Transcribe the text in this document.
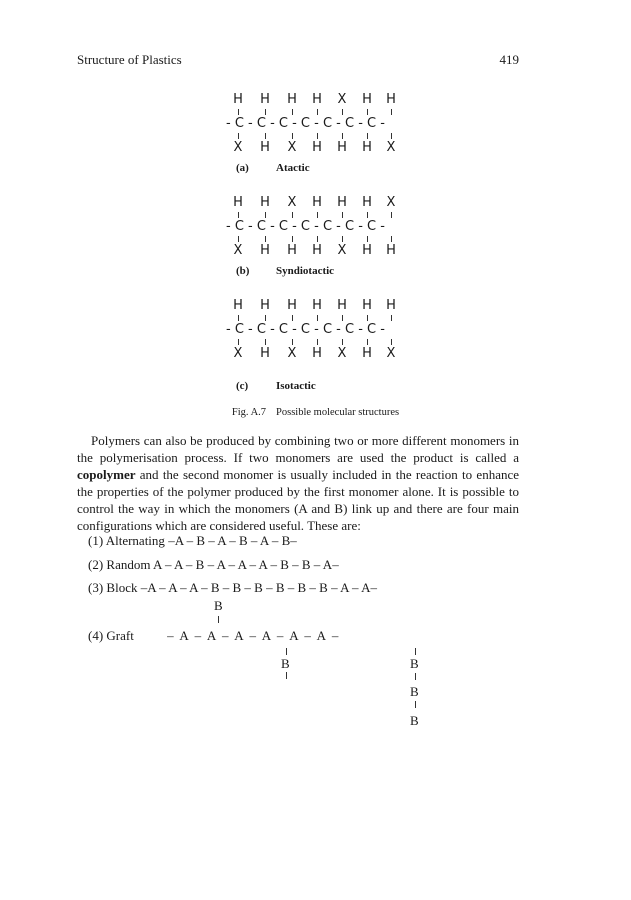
Structure of Plastics	419
H H H H X H H
- C - C - C - C - C - C - C -
X H X H H H X
(a) Atactic
H H X H H H X
- C - C - C - C - C - C - C -
X H H H X H H
(b) Syndiotactic
H H H H H H H
- C - C - C - C - C - C - C -
X H X H X H X
(c)	Isotactic
Fig. A.7 Possible molecular structures

Polymers can also be produced by combining two or more different monomers in the polymerisation process. If two monomers are used the product is called a copolymer and the second monomer is usually included in the reaction to enhance the properties of the polymer produced by the first monomer alone. It is possible to control the way in which the monomers (A and B) link up and there are four main configurations which are considered useful. These are:

(1) Alternating –A – B – A – B – A – B–
(2) Random A – A – B – A – A – A – B – B – A–
(3) Block –A – A – A – B – B – B – B – B – B – A – A–
(4) Graft	–  A  –  A  –  A  –  A  –  A  –  A  –
B
B	B
B
B
